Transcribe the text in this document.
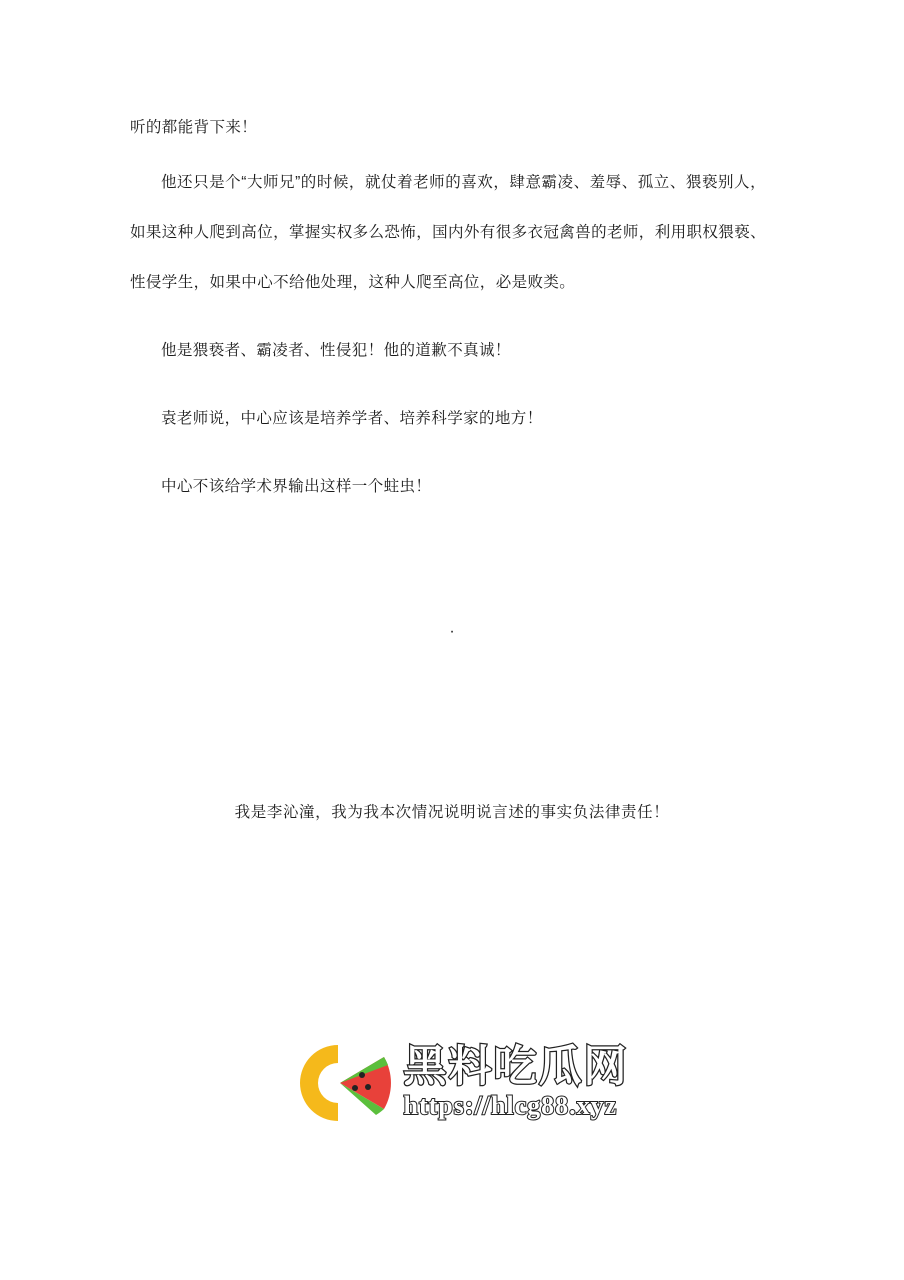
听的都能背下来！

他还只是个“大师兄”的时候，就仗着老师的喜欢，肆意霸凌、羞辱、孤立、猥亵别人，如果这种人爬到高位，掌握实权多么恐怖，国内外有很多衣冠禽兽的老师，利用职权猥亵、性侵学生，如果中心不给他处理，这种人爬至高位，必是败类。

他是猥亵者、霸凌者、性侵犯！他的道歉不真诚！

袁老师说，中心应该是培养学者、培养科学家的地方！

中心不该给学术界输出这样一个蛀虫！

·
我是李沁潼，我为我本次情况说明说言述的事实负法律责任！
黑料吃瓜网
https://hlcg88.xyz
